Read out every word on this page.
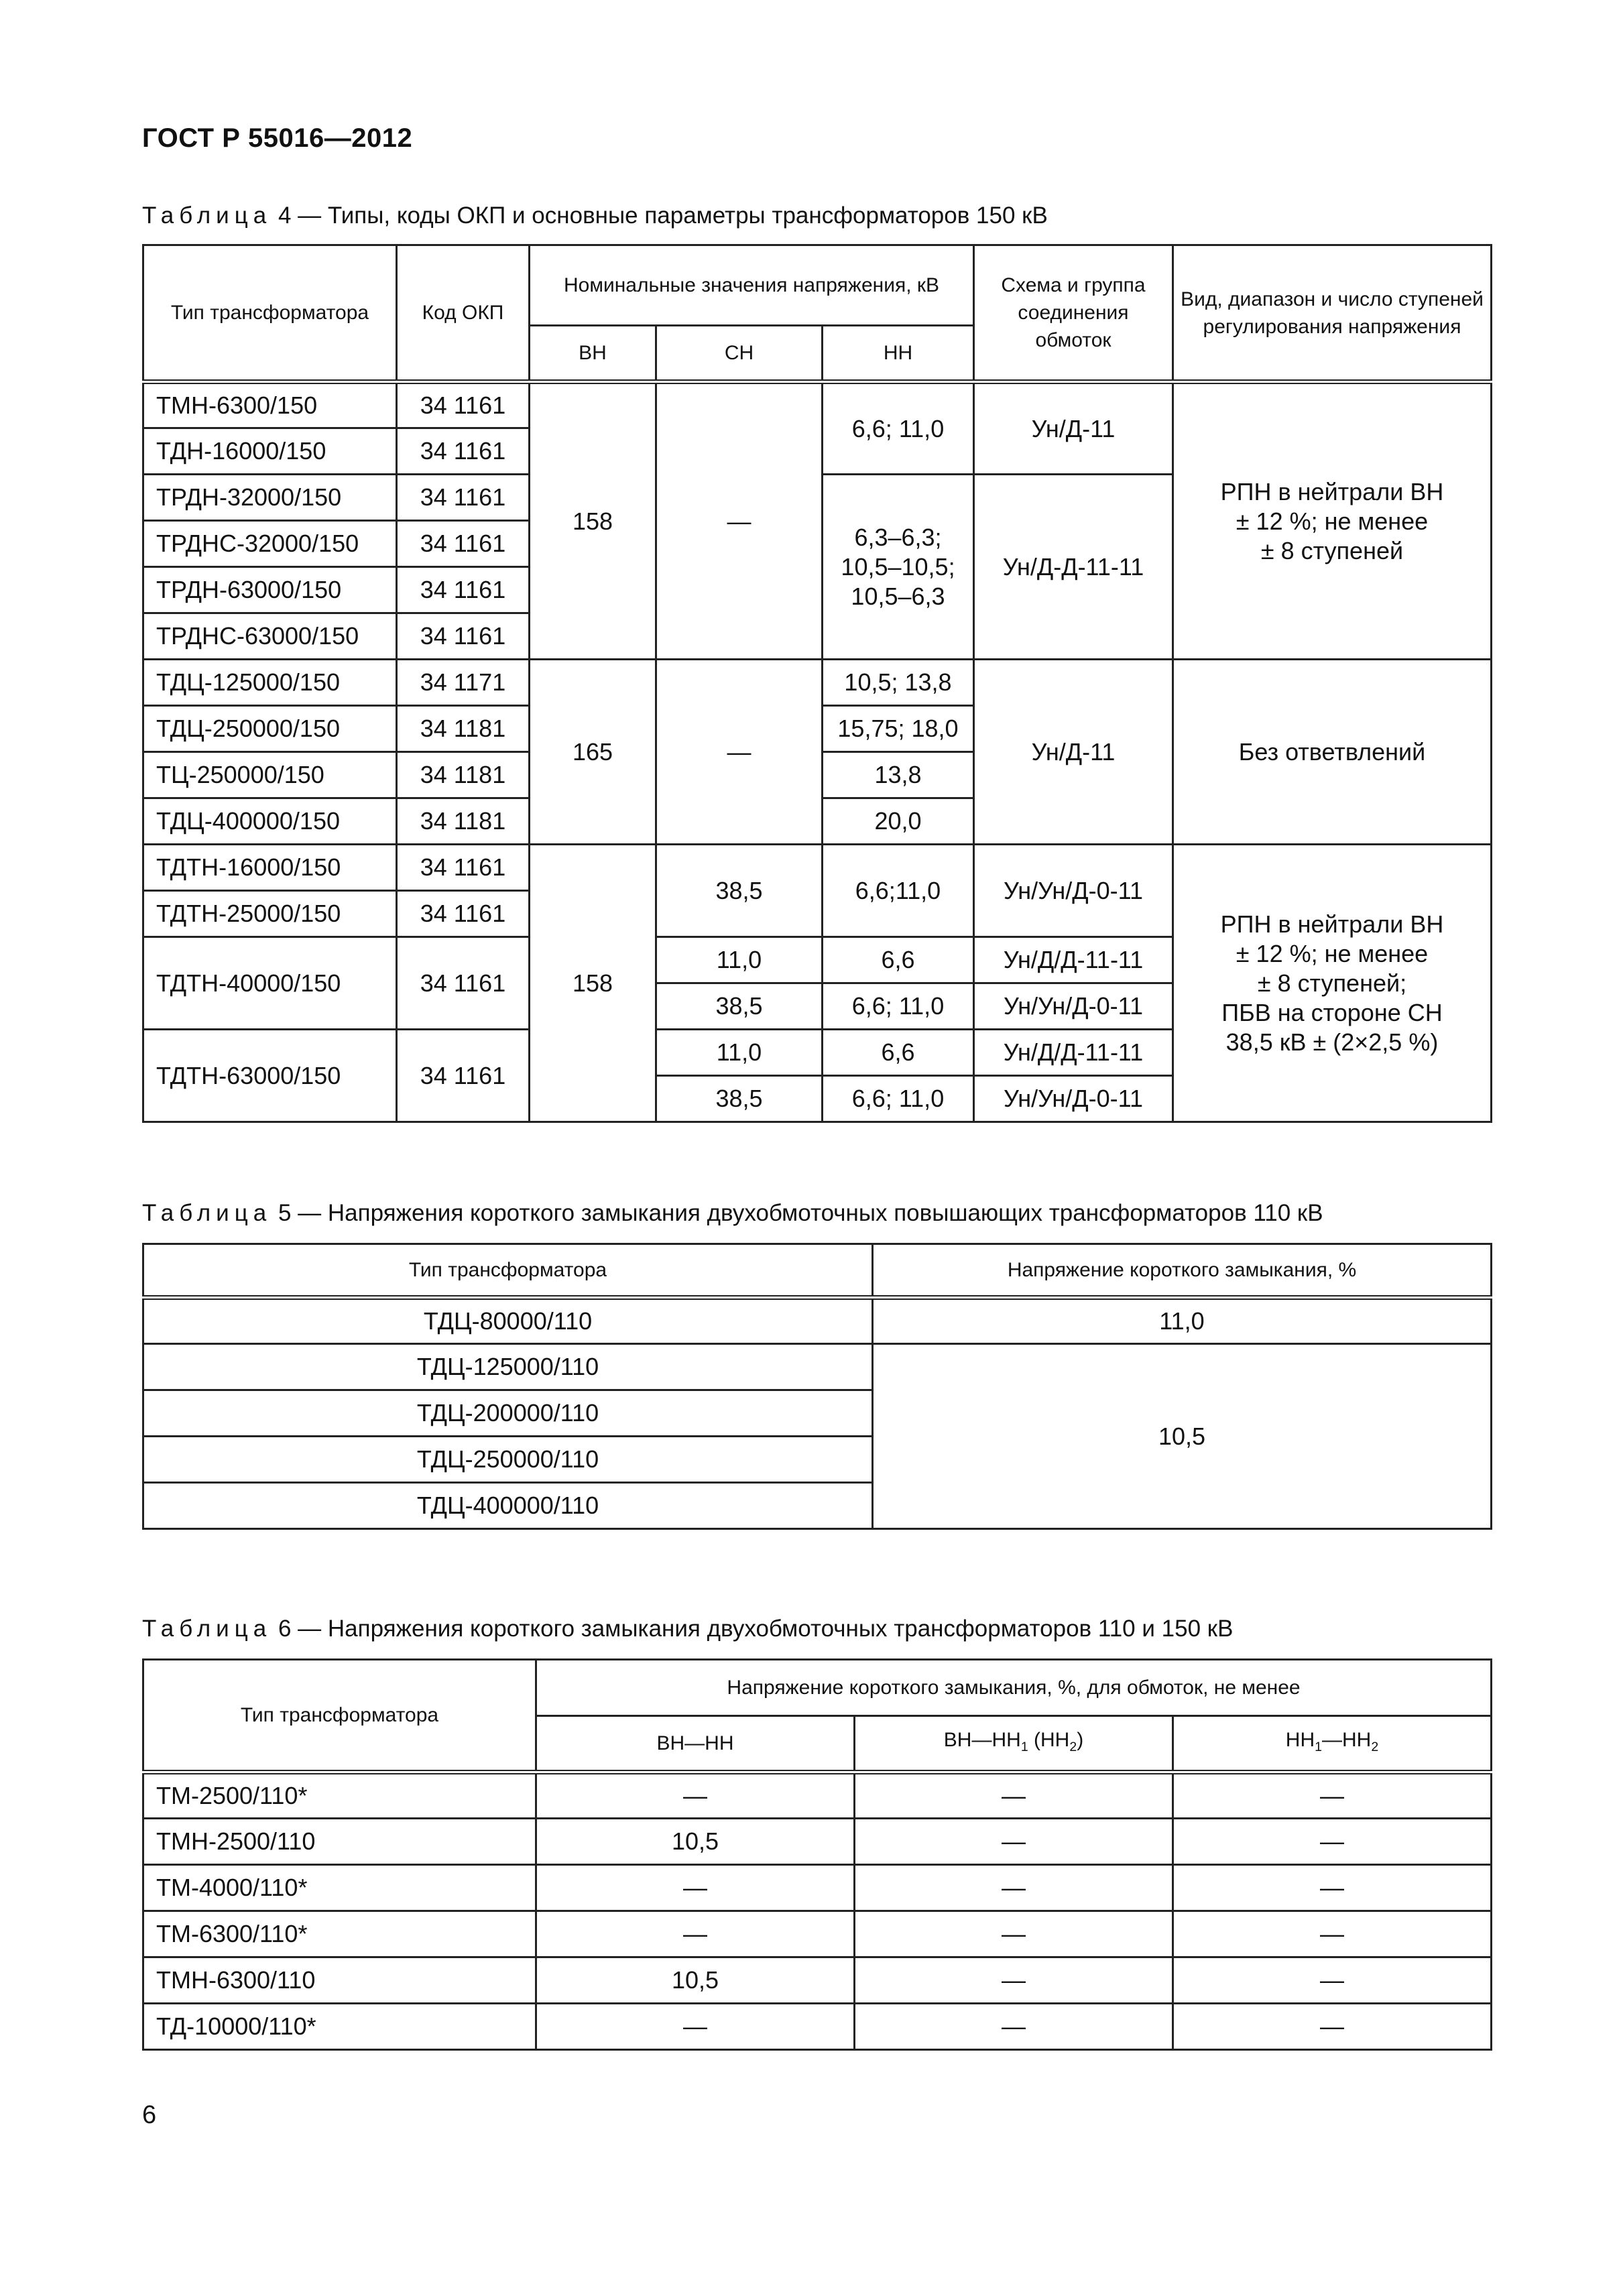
ГОСТ Р 55016—2012
Таблица 4 — Типы, коды ОКП и основные параметры трансформаторов 150 кВ
Тип трансформатора	Код ОКП	Номинальные значения напряжения, кВ			Схема и группа соединения обмоток	Вид, диапазон и число ступеней регулирования напряжения
		ВН	СН	НН		
ТМН-6300/150	34 1161	158	—	6,6; 11,0	Ун/Д-11	РПН в нейтрали ВН
± 12 %; не менее
± 8 ступеней

ТДН-16000/150	34 1161					
ТРДН-32000/150	34 1161			6,3–6,3;
10,5–10,5;
10,5–6,3	Ун/Д-Д-11-11	
ТРДНС-32000/150	34 1161					
ТРДН-63000/150	34 1161					
ТРДНС-63000/150	34 1161					
ТДЦ-125000/150	34 1171	165	—	10,5; 13,8	Ун/Д-11	Без ответвлений
ТДЦ-250000/150	34 1181			15,75; 18,0		
ТЦ-250000/150	34 1181			13,8		
ТДЦ-400000/150	34 1181			20,0		
ТДТН-16000/150	34 1161	158	38,5	6,6;11,0	Ун/Ун/Д-0-11	РПН в нейтрали ВН
± 12 %; не менее
± 8 ступеней;
ПБВ на стороне СН
38,5 кВ ± (2×2,5 %)

ТДТН-25000/150	34 1161					
ТДТН-40000/150	34 1161		11,0	6,6	Ун/Д/Д-11-11	
			38,5	6,6; 11,0	Ун/Ун/Д-0-11	
ТДТН-63000/150	34 1161		11,0	6,6	Ун/Д/Д-11-11	
			38,5	6,6; 11,0	Ун/Ун/Д-0-11	
Таблица 5 — Напряжения короткого замыкания двухобмоточных повышающих трансформаторов 110 кВ
Тип трансформатора	Напряжение короткого замыкания, %
ТДЦ-80000/110	11,0
ТДЦ-125000/110	10,5
ТДЦ-200000/110	
ТДЦ-250000/110	
ТДЦ-400000/110	
Таблица 6 — Напряжения короткого замыкания двухобмоточных трансформаторов 110 и 150 кВ
Тип трансформатора	Напряжение короткого замыкания, %, для обмоток, не менее		
	ВН—НН	$ВН—НН_1$ $(НН_2)$	$НН_1—НН_2$
ТМ-2500/110*	—	—	—
ТМН-2500/110	10,5	—	—
ТМ-4000/110*	—	—	—
ТМ-6300/110*	—	—	—
ТМН-6300/110	10,5	—	—
ТД-10000/110*	—	—	—
6
